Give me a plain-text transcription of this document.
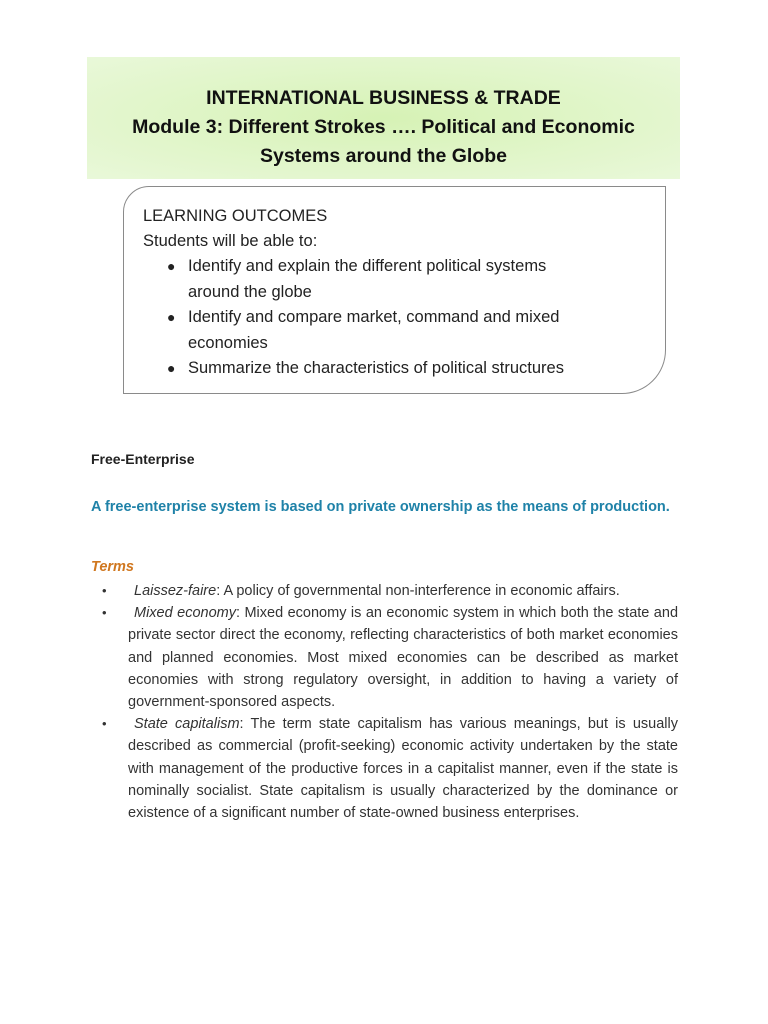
INTERNATIONAL BUSINESS & TRADE
Module 3: Different Strokes …. Political and Economic
Systems around the Globe
LEARNING OUTCOMES
Students will be able to:
● Identify and explain the different political systems around the globe
● Identify and compare market, command and mixed economies
● Summarize the characteristics of political structures
Free-Enterprise
A free-enterprise system is based on private ownership as the means of production.
Terms
• Laissez-faire: A policy of governmental non-interference in economic affairs.
• Mixed economy: Mixed economy is an economic system in which both the state and private sector direct the economy, reflecting characteristics of both market economies and planned economies. Most mixed economies can be described as market economies with strong regulatory oversight, in addition to having a variety of government-sponsored aspects.
• State capitalism: The term state capitalism has various meanings, but is usually described as commercial (profit-seeking) economic activity undertaken by the state with management of the productive forces in a capitalist manner, even if the state is nominally socialist. State capitalism is usually characterized by the dominance or existence of a significant number of state-owned business enterprises.
